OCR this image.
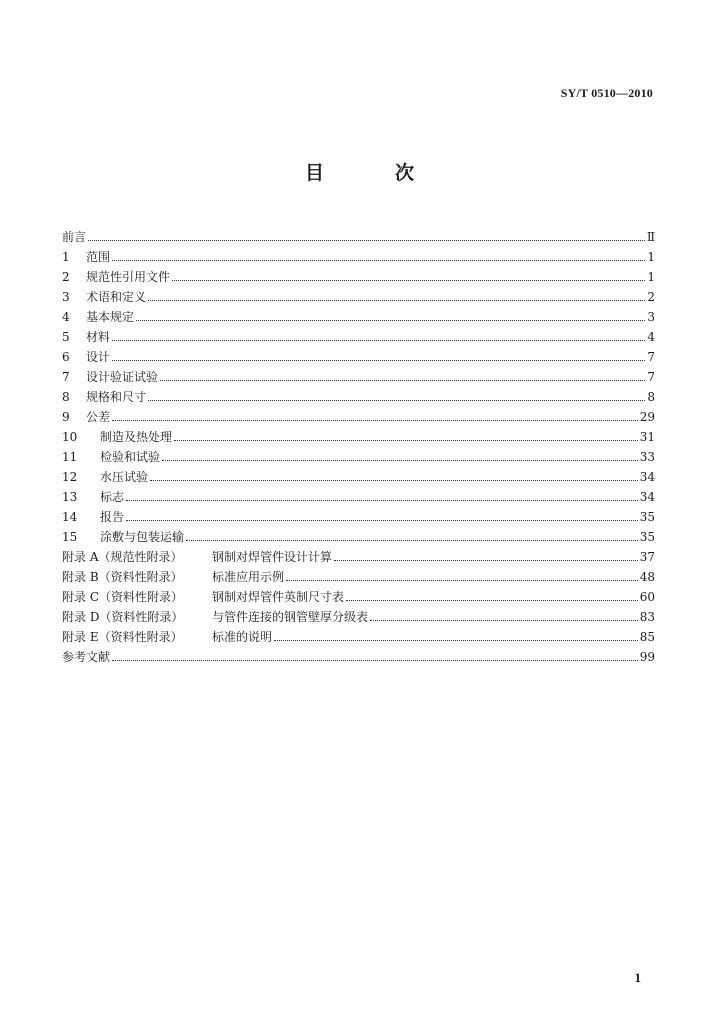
SY/T 0510—2010
目　次
前言	Ⅱ
1	范围	1
2	规范性引用文件	1
3	术语和定义	2
4	基本规定	3
5	材料	4
6	设计	7
7	设计验证试验	7
8	规格和尺寸	8
9	公差	29
10	制造及热处理	31
11	检验和试验	33
12	水压试验	34
13	标志	34
14	报告	35
15	涂敷与包装运输	35
附录 A（规范性附录）	钢制对焊管件设计计算	37
附录 B（资料性附录）	标准应用示例	48
附录 C（资料性附录）	钢制对焊管件英制尺寸表	60
附录 D（资料性附录）	与管件连接的钢管壁厚分级表	83
附录 E（资料性附录）	标准的说明	85
参考文献	99
1
